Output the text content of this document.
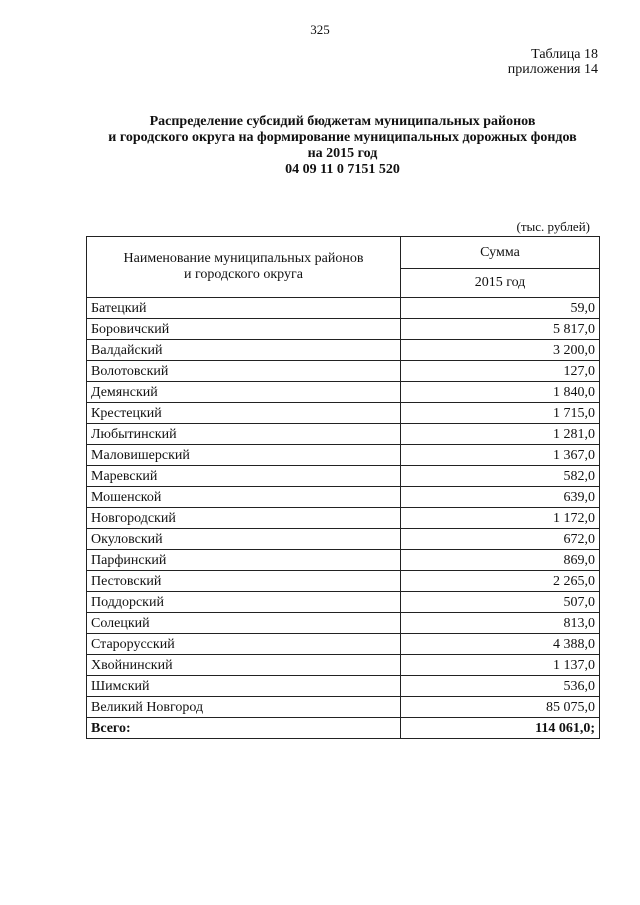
325
Таблица 18
приложения 14
Распределение субсидий бюджетам муниципальных районов
и городского округа на формирование муниципальных дорожных фондов
на 2015 год
04 09 11 0 7151 520
(тыс. рублей)
Наименование муниципальных районов
и городского округа	Сумма
	2015 год
Батецкий	59,0
Боровичский	5 817,0
Валдайский	3 200,0
Волотовский	127,0
Демянский	1 840,0
Крестецкий	1 715,0
Любытинский	1 281,0
Маловишерский	1 367,0
Маревский	582,0
Мошенской	639,0
Новгородский	1 172,0
Окуловский	672,0
Парфинский	869,0
Пестовский	2 265,0
Поддорский	507,0
Солецкий	813,0
Старорусский	4 388,0
Хвойнинский	1 137,0
Шимский	536,0
Великий Новгород	85 075,0
Всего:	114 061,0;
